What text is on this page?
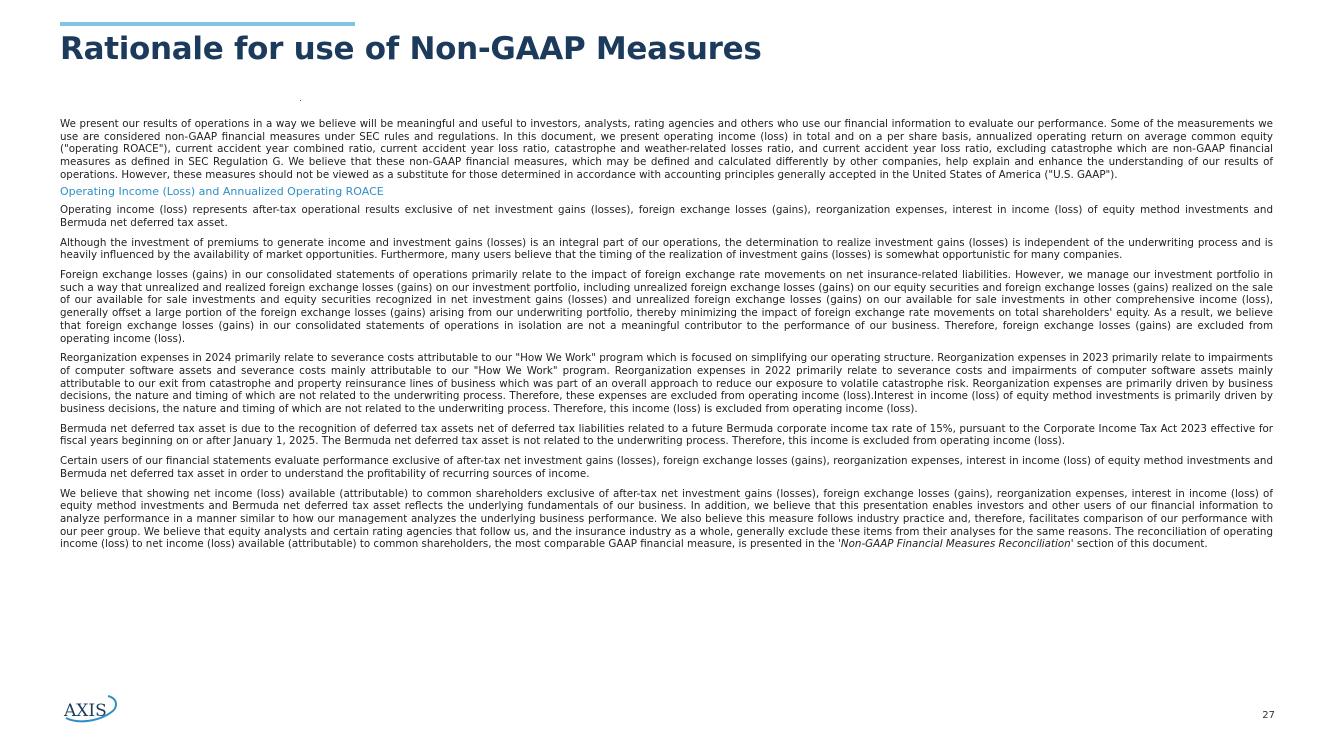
Rationale for use of Non-GAAP Measures

We present our results of operations in a way we believe will be meaningful and useful to investors, analysts, rating agencies and others who use our financial information to evaluate our performance. Some of the measurements we use are considered non-GAAP financial measures under SEC rules and regulations. In this document, we present operating income (loss) in total and on a per share basis, annualized operating return on average common equity ("operating ROACE"), current accident year combined ratio, current accident year loss ratio, catastrophe and weather-related losses ratio, and current accident year loss ratio, excluding catastrophe which are non-GAAP financial measures as defined in SEC Regulation G. We believe that these non-GAAP financial measures, which may be defined and calculated differently by other companies, help explain and enhance the understanding of our results of operations. However, these measures should not be viewed as a substitute for those determined in accordance with accounting principles generally accepted in the United States of America ("U.S. GAAP").

Operating Income (Loss) and Annualized Operating ROACE

Operating income (loss) represents after-tax operational results exclusive of net investment gains (losses), foreign exchange losses (gains), reorganization expenses, interest in income (loss) of equity method investments and Bermuda net deferred tax asset.

Although the investment of premiums to generate income and investment gains (losses) is an integral part of our operations, the determination to realize investment gains (losses) is independent of the underwriting process and is heavily influenced by the availability of market opportunities. Furthermore, many users believe that the timing of the realization of investment gains (losses) is somewhat opportunistic for many companies.

Foreign exchange losses (gains) in our consolidated statements of operations primarily relate to the impact of foreign exchange rate movements on net insurance-related liabilities. However, we manage our investment portfolio in such a way that unrealized and realized foreign exchange losses (gains) on our investment portfolio, including unrealized foreign exchange losses (gains) on our equity securities and foreign exchange losses (gains) realized on the sale of our available for sale investments and equity securities recognized in net investment gains (losses) and unrealized foreign exchange losses (gains) on our available for sale investments in other comprehensive income (loss), generally offset a large portion of the foreign exchange losses (gains) arising from our underwriting portfolio, thereby minimizing the impact of foreign exchange rate movements on total shareholders' equity. As a result, we believe that foreign exchange losses (gains) in our consolidated statements of operations in isolation are not a meaningful contributor to the performance of our business. Therefore, foreign exchange losses (gains) are excluded from operating income (loss).

Reorganization expenses in 2024 primarily relate to severance costs attributable to our "How We Work" program which is focused on simplifying our operating structure. Reorganization expenses in 2023 primarily relate to impairments of computer software assets and severance costs mainly attributable to our "How We Work" program. Reorganization expenses in 2022 primarily relate to severance costs and impairments of computer software assets mainly attributable to our exit from catastrophe and property reinsurance lines of business which was part of an overall approach to reduce our exposure to volatile catastrophe risk. Reorganization expenses are primarily driven by business decisions, the nature and timing of which are not related to the underwriting process. Therefore, these expenses are excluded from operating income (loss).Interest in income (loss) of equity method investments is primarily driven by business decisions, the nature and timing of which are not related to the underwriting process. Therefore, this income (loss) is excluded from operating income (loss).

Bermuda net deferred tax asset is due to the recognition of deferred tax assets net of deferred tax liabilities related to a future Bermuda corporate income tax rate of 15%, pursuant to the Corporate Income Tax Act 2023 effective for fiscal years beginning on or after January 1, 2025. The Bermuda net deferred tax asset is not related to the underwriting process. Therefore, this income is excluded from operating income (loss).

Certain users of our financial statements evaluate performance exclusive of after-tax net investment gains (losses), foreign exchange losses (gains), reorganization expenses, interest in income (loss) of equity method investments and Bermuda net deferred tax asset in order to understand the profitability of recurring sources of income.

We believe that showing net income (loss) available (attributable) to common shareholders exclusive of after-tax net investment gains (losses), foreign exchange losses (gains), reorganization expenses, interest in income (loss) of equity method investments and Bermuda net deferred tax asset reflects the underlying fundamentals of our business. In addition, we believe that this presentation enables investors and other users of our financial information to analyze performance in a manner similar to how our management analyzes the underlying business performance. We also believe this measure follows industry practice and, therefore, facilitates comparison of our performance with our peer group. We believe that equity analysts and certain rating agencies that follow us, and the insurance industry as a whole, generally exclude these items from their analyses for the same reasons. The reconciliation of operating income (loss) to net income (loss) available (attributable) to common shareholders, the most comparable GAAP financial measure, is presented in the 'Non-GAAP Financial Measures Reconciliation' section of this document.

AXIS	27
